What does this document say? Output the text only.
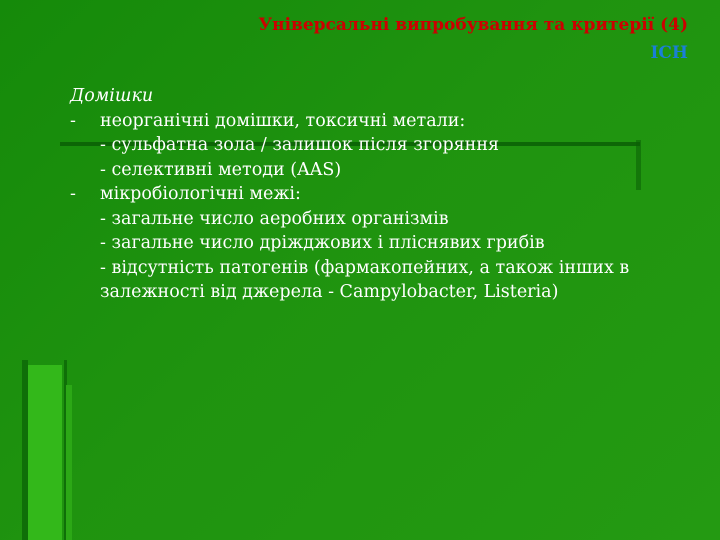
Універсальні випробування та критерії (4)
ICH
Домішки
- неорганічні домішки, токсичні метали:
- сульфатна зола / залишок після згоряння
- селективні методи (AAS)
- мікробіологічні межі:
- загальне число аеробних організмів
- загальне число дріжджових і пліснявих грибів
- відсутність патогенів (фармакопейних, а також інших в залежності від джерела - Campylobacter, Listeria)
